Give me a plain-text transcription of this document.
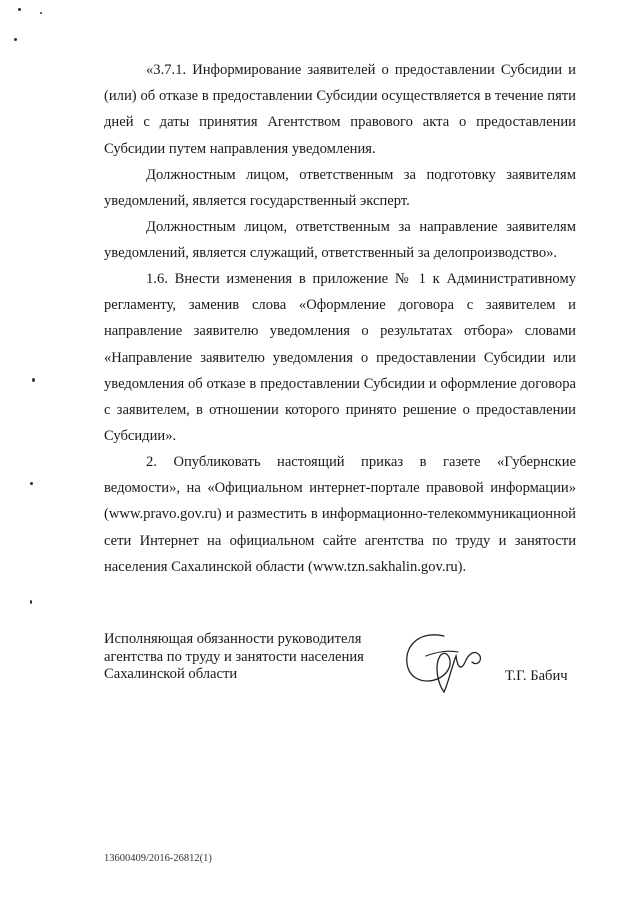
«3.7.1. Информирование заявителей о предоставлении Субсидии и (или) об отказе в предоставлении Субсидии осуществляется в течение пяти дней с даты принятия Агентством правового акта о предоставлении Субсидии путем направления уведомления.

Должностным лицом, ответственным за подготовку заявителям уведомлений, является государственный эксперт.

Должностным лицом, ответственным за направление заявителям уведомлений, является служащий, ответственный за делопроизводство».

1.6. Внести изменения в приложение № 1 к Административному регламенту, заменив слова «Оформление договора с заявителем и направление заявителю уведомления о результатах отбора» словами «Направление заявителю уведомления о предоставлении Субсидии или уведомления об отказе в предоставлении Субсидии и оформление договора с заявителем, в отношении которого принято решение о предоставлении Субсидии».

2. Опубликовать настоящий приказ в газете «Губернские ведомости», на «Официальном интернет-портале правовой информации» (www.pravo.gov.ru) и разместить в информационно-телекоммуникационной сети Интернет на официальном сайте агентства по труду и занятости населения Сахалинской области (www.tzn.sakhalin.gov.ru).

Исполняющая обязанности руководителя
агентства по труду и занятости населения
Сахалинской области	Т.Г. Бабич
13600409/2016-26812(1)
